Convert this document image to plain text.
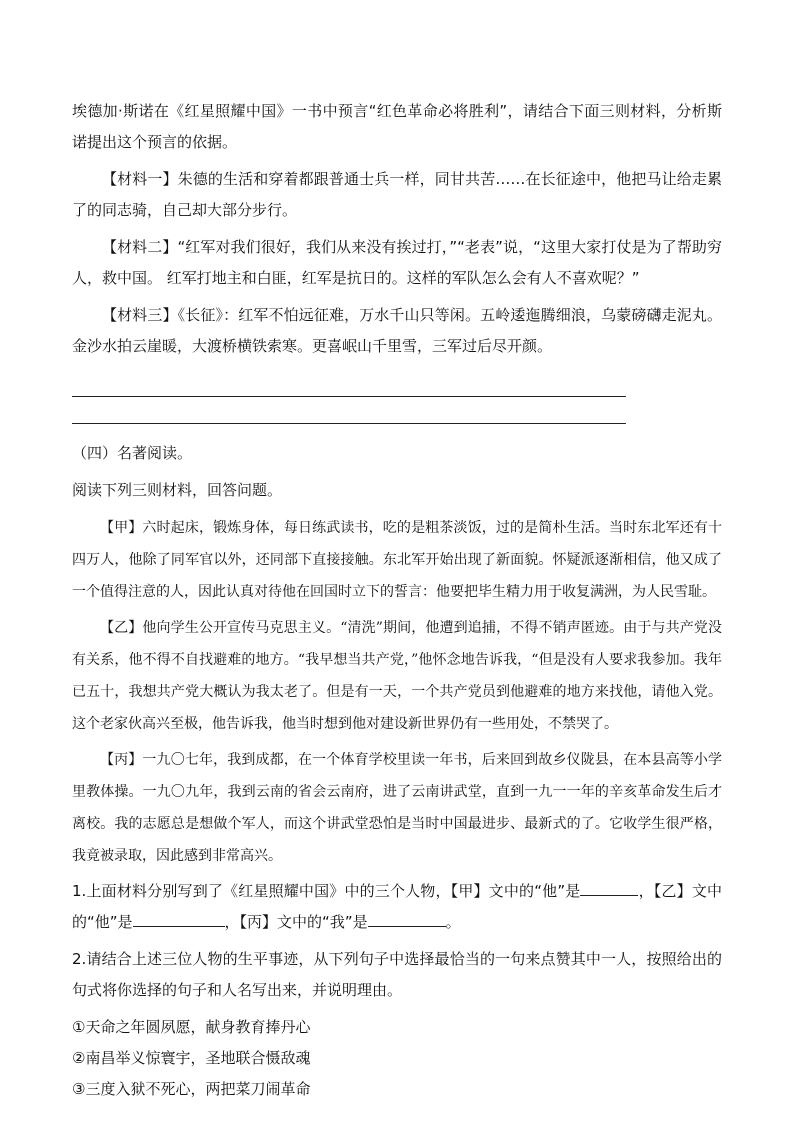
埃德加·斯诺在《红星照耀中国》一书中预言“红色革命必将胜利”，请结合下面三则材料，分析斯诺提出这个预言的依据。

【材料一】朱德的生活和穿着都跟普通士兵一样，同甘共苦……在长征途中，他把马让给走累了的同志骑，自己却大部分步行。

【材料二】“红军对我们很好，我们从来没有挨过打，”“老表”说，“这里大家打仗是为了帮助穷人，救中国。 红军打地主和白匪，红军是抗日的。这样的军队怎么会有人不喜欢呢？”

【材料三】《长征》：红军不怕远征难，万水千山只等闲。五岭逶迤腾细浪，乌蒙磅礴走泥丸。金沙水拍云崖暖，大渡桥横铁索寒。更喜岷山千里雪，三军过后尽开颜。

（四）名著阅读。

阅读下列三则材料，回答问题。

【甲】六时起床，锻炼身体，每日练武读书，吃的是粗茶淡饭，过的是简朴生活。当时东北军还有十四万人，他除了同军官以外，还同部下直接接触。东北军开始出现了新面貌。怀疑派逐渐相信，他又成了一个值得注意的人，因此认真对待他在回国时立下的誓言：他要把毕生精力用于收复满洲，为人民雪耻。

【乙】他向学生公开宣传马克思主义。“清洗”期间，他遭到追捕，不得不销声匿迹。由于与共产党没有关系，他不得不自找避难的地方。“我早想当共产党，”他怀念地告诉我，“但是没有人要求我参加。我年已五十，我想共产党大概认为我太老了。但是有一天，一个共产党员到他避难的地方来找他，请他入党。这个老家伙高兴至极，他告诉我，他当时想到他对建设新世界仍有一些用处，不禁哭了。

【丙】一九〇七年，我到成都，在一个体育学校里读一年书，后来回到故乡仪陇县，在本县高等小学里教体操。一九〇九年，我到云南的省会云南府，进了云南讲武堂，直到一九一一年的辛亥革命发生后才离校。我的志愿总是想做个军人，而这个讲武堂恐怕是当时中国最进步、最新式的了。它收学生很严格，我竟被录取，因此感到非常高兴。

1.上面材料分别写到了《红星照耀中国》中的三个人物，【甲】文中的“他”是	，【乙】文中的“他”是	，【丙】文中的“我”是	。

2.请结合上述三位人物的生平事迹，从下列句子中选择最恰当的一句来点赞其中一人，按照给出的句式将你选择的句子和人名写出来，并说明理由。

①天命之年圆夙愿，献身教育捧丹心

②南昌举义惊寰宇，圣地联合慑敌魂

③三度入狱不死心，两把菜刀闹革命
